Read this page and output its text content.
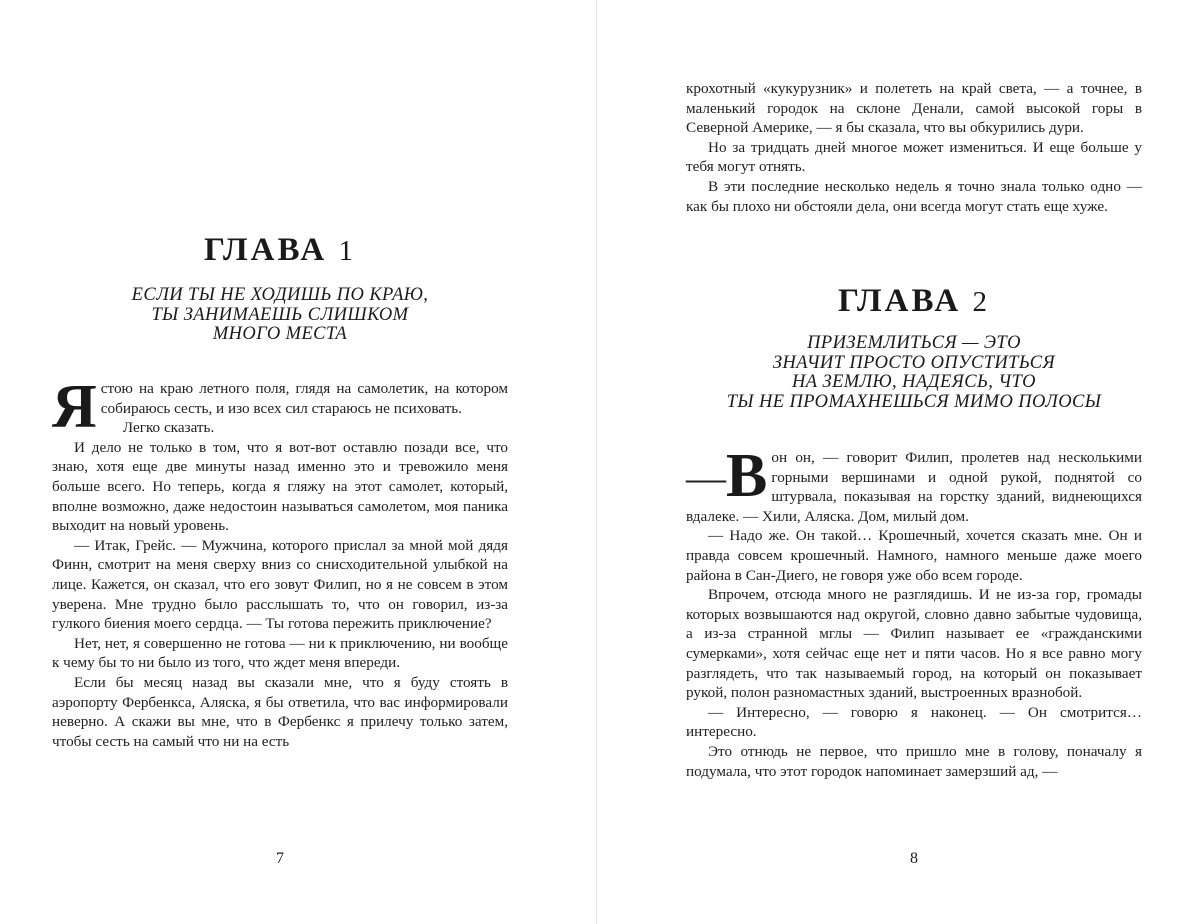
ГЛАВА 1
ЕСЛИ ТЫ НЕ ХОДИШЬ ПО КРАЮ,
ТЫ ЗАНИМАЕШЬ СЛИШКОМ
МНОГО МЕСТА

Ястою на краю летного поля, глядя на самолетик, на котором собираюсь сесть, и изо всех сил стараюсь не психовать.

Легко сказать.

И дело не только в том, что я вот-вот оставлю позади все, что знаю, хотя еще две минуты назад именно это и тревожило меня больше всего. Но теперь, когда я гляжу на этот самолет, который, вполне возможно, даже недостоин называться самолетом, моя паника выходит на новый уровень.

— Итак, Грейс. — Мужчина, которого прислал за мной мой дядя Финн, смотрит на меня сверху вниз со снисходительной улыбкой на лице. Кажется, он сказал, что его зовут Филип, но я не совсем в этом уверена. Мне трудно было расслышать то, что он говорил, из-за гулкого биения моего сердца. — Ты готова пережить приключение?

Нет, нет, я совершенно не готова — ни к приключению, ни вообще к чему бы то ни было из того, что ждет меня впереди.

Если бы месяц назад вы сказали мне, что я буду стоять в аэропорту Фербенкса, Аляска, я бы ответила, что вас информировали неверно. А скажи вы мне, что в Фербенкс я прилечу только затем, чтобы сесть на самый что ни на есть

7

крохотный «кукурузник» и полететь на край света, — а точнее, в маленький городок на склоне Денали, самой высокой горы в Северной Америке, — я бы сказала, что вы обкурились дури.

Но за тридцать дней многое может измениться. И еще больше у тебя могут отнять.

В эти последние несколько недель я точно знала только одно — как бы плохо ни обстояли дела, они всегда могут стать еще хуже.

ГЛАВА 2
ПРИЗЕМЛИТЬСЯ — ЭТО
ЗНАЧИТ ПРОСТО ОПУСТИТЬСЯ
НА ЗЕМЛЮ, НАДЕЯСЬ, ЧТО
ТЫ НЕ ПРОМАХНЕШЬСЯ МИМО ПОЛОСЫ

— В он он, — говорит Филип, пролетев над несколькими горными вершинами и одной рукой, поднятой со штурвала, показывая на горстку зданий, виднеющихся вдалеке. — Хили, Аляска. Дом, милый дом.

— Надо же. Он такой… Крошечный, хочется сказать мне. Он и правда совсем крошечный. Намного, намного меньше даже моего района в Сан-Диего, не говоря уже обо всем городе.

Впрочем, отсюда много не разглядишь. И не из-за гор, громады которых возвышаются над округой, словно давно забытые чудовища, а из-за странной мглы — Филип называет ее «гражданскими сумерками», хотя сейчас еще нет и пяти часов. Но я все равно могу разглядеть, что так называемый город, на который он показывает рукой, полон разномастных зданий, выстроенных вразнобой.

— Интересно, — говорю я наконец. — Он смотрится… интересно.

Это отнюдь не первое, что пришло мне в голову, поначалу я подумала, что этот городок напоминает замерзший ад, —

8
